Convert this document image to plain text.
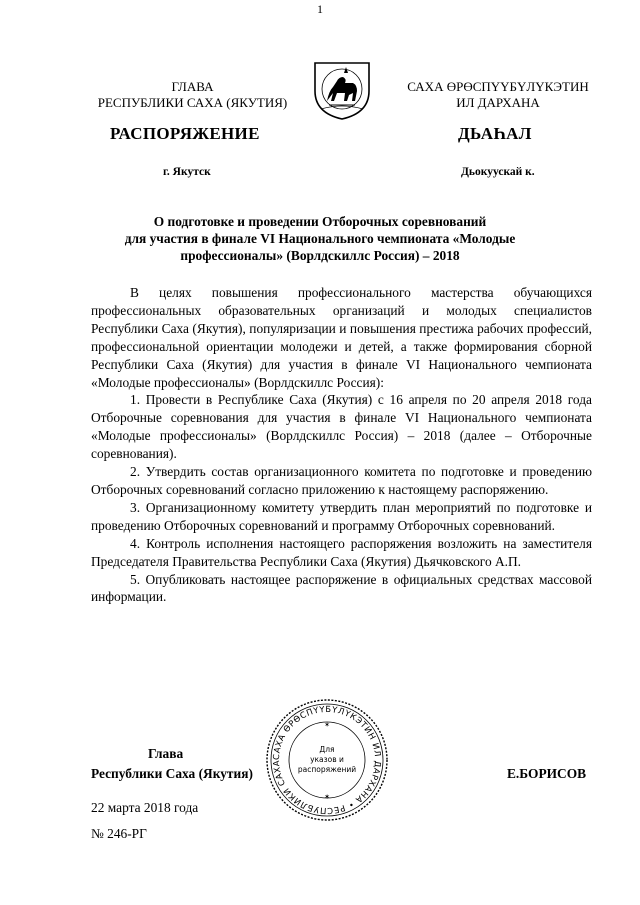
1
ГЛАВА
РЕСПУБЛИКИ САХА (ЯКУТИЯ)
САХА ӨРӨСПҮҮБҮЛҮКЭТИН
ИЛ ДАРХАНА
РАСПОРЯЖЕНИЕ	ДЬАҺАЛ
г. Якутск	Дьокуускай к.
О подготовке и проведении Отборочных соревнований
для участия в финале VI Национального чемпионата «Молодые
профессионалы» (Ворлдскиллс Россия) – 2018

В целях повышения профессионального мастерства обучающихся профессиональных образовательных организаций и молодых специалистов Республики Саха (Якутия), популяризации и повышения престижа рабочих профессий, профессиональной ориентации молодежи и детей, а также формирования сборной Республики Саха (Якутия) для участия в финале VI Национального чемпионата «Молодые профессионалы» (Ворлдскиллс Россия):

1. Провести в Республике Саха (Якутия) с 16 апреля по 20 апреля 2018 года Отборочные соревнования для участия в финале VI Национального чемпионата «Молодые профессионалы» (Ворлдскиллс Россия) – 2018 (далее – Отборочные соревнования).

2. Утвердить состав организационного комитета по подготовке и проведению Отборочных соревнований согласно приложению к настоящему распоряжению.

3. Организационному комитету утвердить план мероприятий по подготовке и проведению Отборочных соревнований и программу Отборочных соревнований.

4. Контроль исполнения настоящего распоряжения возложить на заместителя Председателя Правительства Республики Саха (Якутия) Дьячковского А.П.

5. Опубликовать настоящее распоряжение в официальных средствах массовой информации.

Глава
Республики Саха (Якутия)
САХА ӨРӨСПҮҮБҮЛҮКЭТИН ИЛ ДАРХАНА • РЕСПУБЛИКИ САХА
Для
указов и
распоряжений
✶
✶
Е.БОРИСОВ
22 марта 2018 года
№ 246-РГ
